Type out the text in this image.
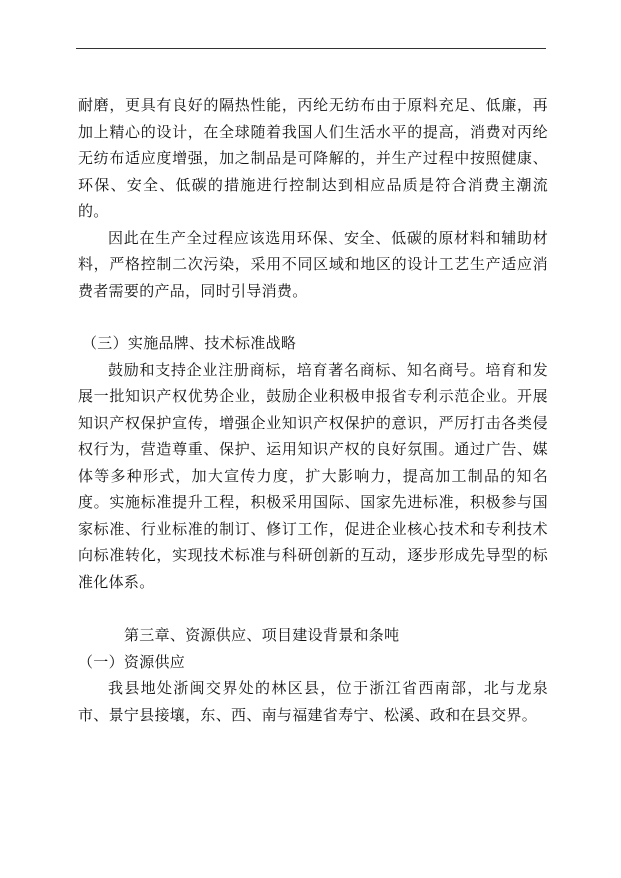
耐磨，更具有良好的隔热性能，丙纶无纺布由于原料充足、低廉，再加上精心的设计，在全球随着我国人们生活水平的提高，消费对丙纶无纺布适应度增强，加之制品是可降解的，并生产过程中按照健康、环保、安全、低碳的措施进行控制达到相应品质是符合消费主潮流的。

因此在生产全过程应该选用环保、安全、低碳的原材料和辅助材料，严格控制二次污染，采用不同区域和地区的设计工艺生产适应消费者需要的产品，同时引导消费。

（三）实施品牌、技术标准战略

鼓励和支持企业注册商标，培育著名商标、知名商号。培育和发展一批知识产权优势企业，鼓励企业积极申报省专利示范企业。开展知识产权保护宣传，增强企业知识产权保护的意识，严厉打击各类侵权行为，营造尊重、保护、运用知识产权的良好氛围。通过广告、媒体等多种形式，加大宣传力度，扩大影响力，提高加工制品的知名度。实施标准提升工程，积极采用国际、国家先进标准，积极参与国家标准、行业标准的制订、修订工作，促进企业核心技术和专利技术向标准转化，实现技术标准与科研创新的互动，逐步形成先导型的标准化体系。

第三章、资源供应、项目建设背景和条吨

（一）资源供应

我县地处浙闽交界处的林区县，位于浙江省西南部，北与龙泉市、景宁县接壤，东、西、南与福建省寿宁、松溪、政和在县交界。
